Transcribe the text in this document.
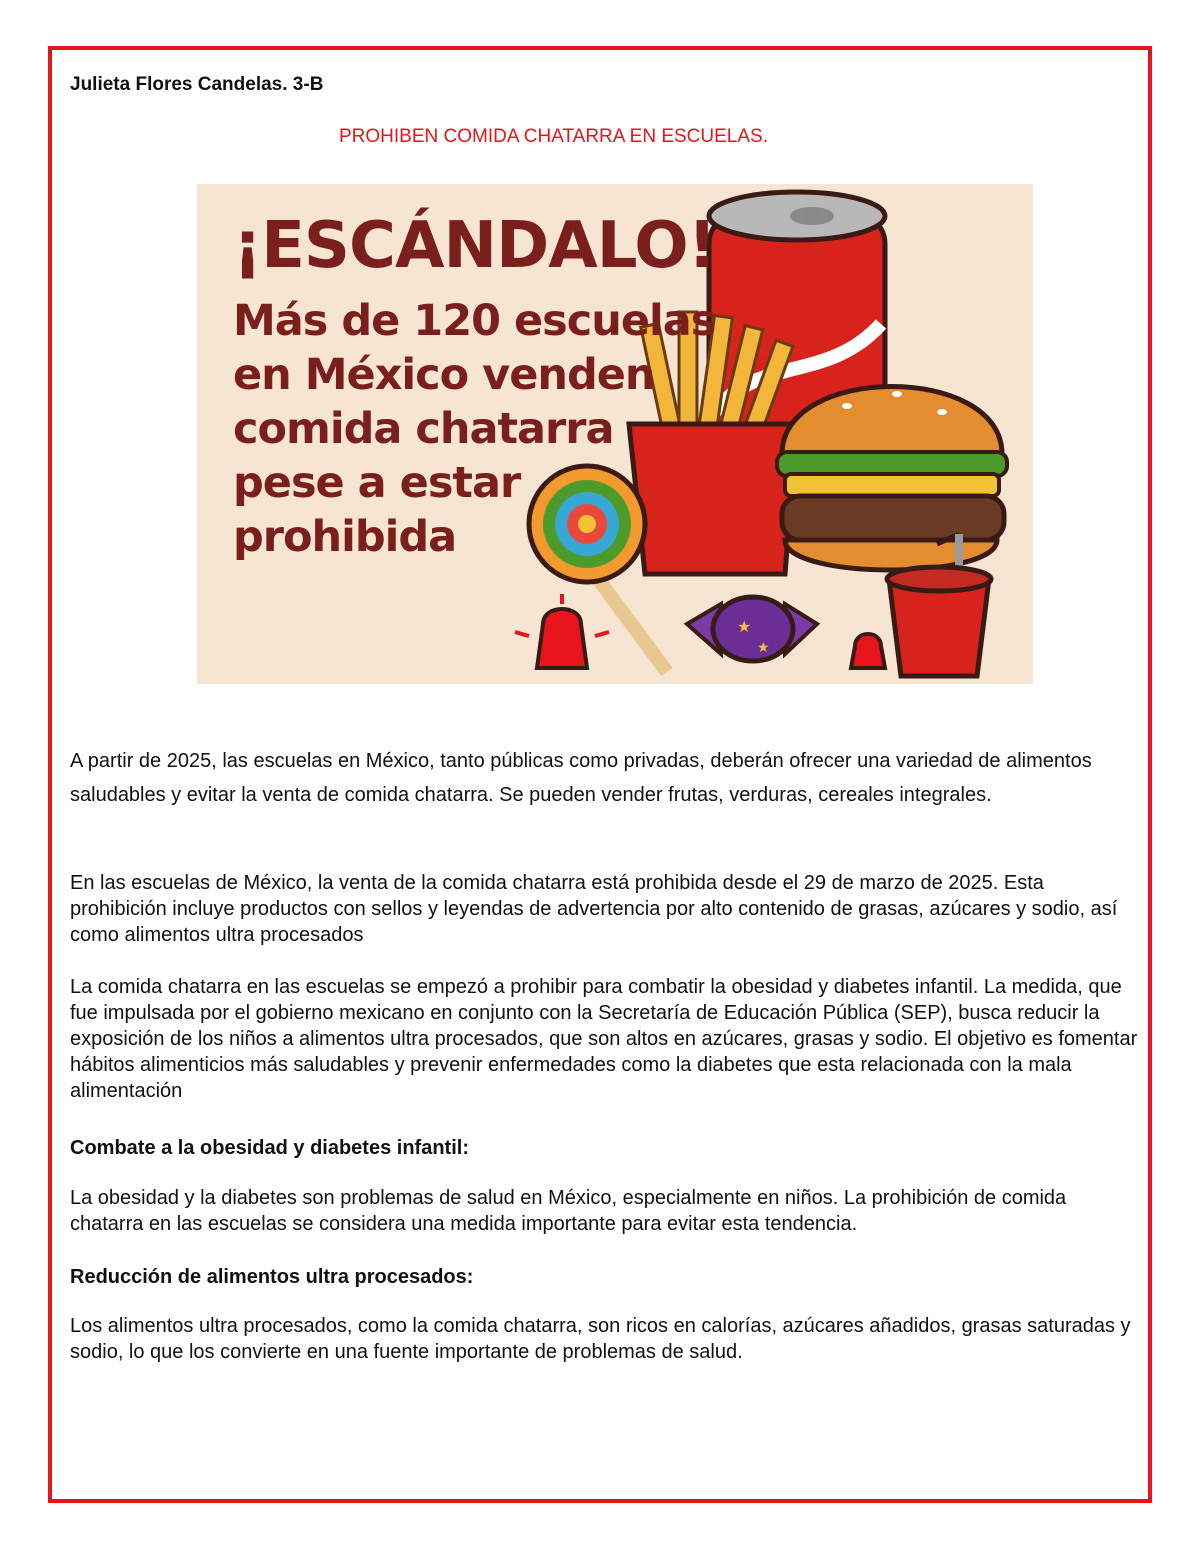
Julieta Flores Candelas. 3-B

PROHIBEN COMIDA CHATARRA EN ESCUELAS.
★
★
¡ESCÁNDALO!
Más de 120 escuelas
en México venden
comida chatarra
pese a estar
prohibida

A partir de 2025, las escuelas en México, tanto públicas como privadas, deberán ofrecer una variedad de alimentos saludables y evitar la venta de comida chatarra. Se pueden vender frutas, verduras, cereales integrales.

En las escuelas de México, la venta de la comida chatarra está prohibida desde el 29 de marzo de 2025. Esta prohibición incluye productos con sellos y leyendas de advertencia por alto contenido de grasas, azúcares y sodio, así como alimentos ultra procesados

La comida chatarra en las escuelas se empezó a prohibir para combatir la obesidad y diabetes infantil. La medida, que fue impulsada por el gobierno mexicano en conjunto con la Secretaría de Educación Pública (SEP), busca reducir la exposición de los niños a alimentos ultra procesados, que son altos en azúcares, grasas y sodio. El objetivo es fomentar hábitos alimenticios más saludables y prevenir enfermedades como la diabetes que esta relacionada con la mala alimentación

Combate a la obesidad y diabetes infantil:

La obesidad y la diabetes son problemas de salud en México, especialmente en niños. La prohibición de comida chatarra en las escuelas se considera una medida importante para evitar esta tendencia.

Reducción de alimentos ultra procesados:

Los alimentos ultra procesados, como la comida chatarra, son ricos en calorías, azúcares añadidos, grasas saturadas y sodio, lo que los convierte en una fuente importante de problemas de salud.
